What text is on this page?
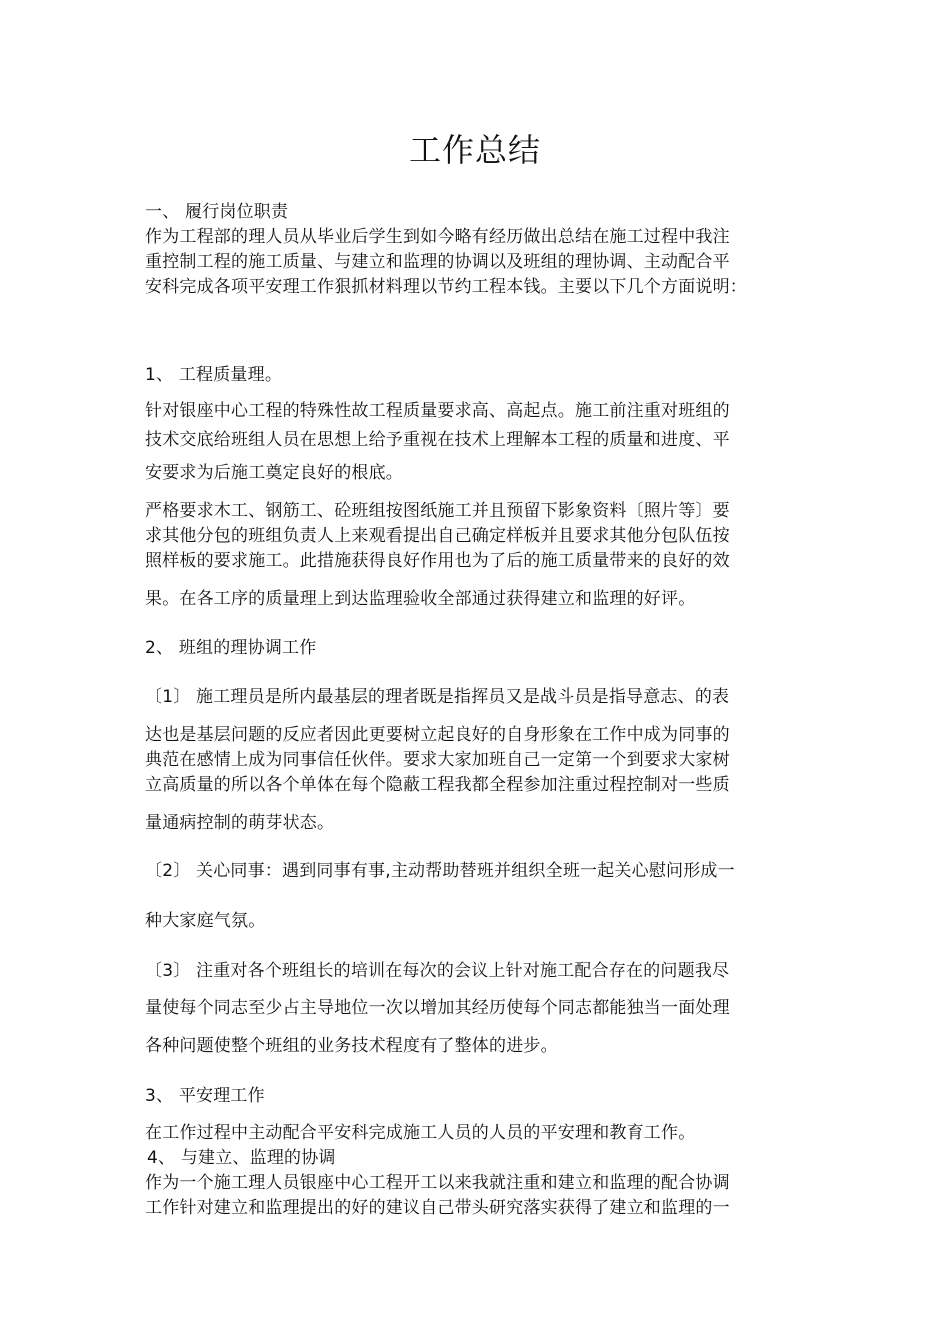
工作总结
一、 履行岗位职责
作为工程部的理人员从毕业后学生到如今略有经历做出总结在施工过程中我注
重控制工程的施工质量、与建立和监理的协调以及班组的理协调、主动配合平
安科完成各项平安理工作狠抓材料理以节约工程本钱。主要以下几个方面说明：
1、 工程质量理。
针对银座中心工程的特殊性故工程质量要求高、高起点。施工前注重对班组的
技术交底给班组人员在思想上给予重视在技术上理解本工程的质量和进度、平
安要求为后施工奠定良好的根底。
严格要求木工、钢筋工、砼班组按图纸施工并且预留下影象资料〔照片等〕要
求其他分包的班组负责人上来观看提出自己确定样板并且要求其他分包队伍按
照样板的要求施工。此措施获得良好作用也为了后的施工质量带来的良好的效
果。在各工序的质量理上到达监理验收全部通过获得建立和监理的好评。
2、 班组的理协调工作
〔1〕 施工理员是所内最基层的理者既是指挥员又是战斗员是指导意志、的表
达也是基层问题的反应者因此更要树立起良好的自身形象在工作中成为同事的
典范在感情上成为同事信任伙伴。要求大家加班自己一定第一个到要求大家树
立高质量的所以各个单体在每个隐蔽工程我都全程参加注重过程控制对一些质
量通病控制的萌芽状态。
〔2〕 关心同事：遇到同事有事,主动帮助替班并组织全班一起关心慰问形成一
种大家庭气氛。
〔3〕 注重对各个班组长的培训在每次的会议上针对施工配合存在的问题我尽
量使每个同志至少占主导地位一次以增加其经历使每个同志都能独当一面处理
各种问题使整个班组的业务技术程度有了整体的进步。
3、 平安理工作
在工作过程中主动配合平安科完成施工人员的人员的平安理和教育工作。
4、 与建立、监理的协调
作为一个施工理人员银座中心工程开工以来我就注重和建立和监理的配合协调
工作针对建立和监理提出的好的建议自己带头研究落实获得了建立和监理的一
